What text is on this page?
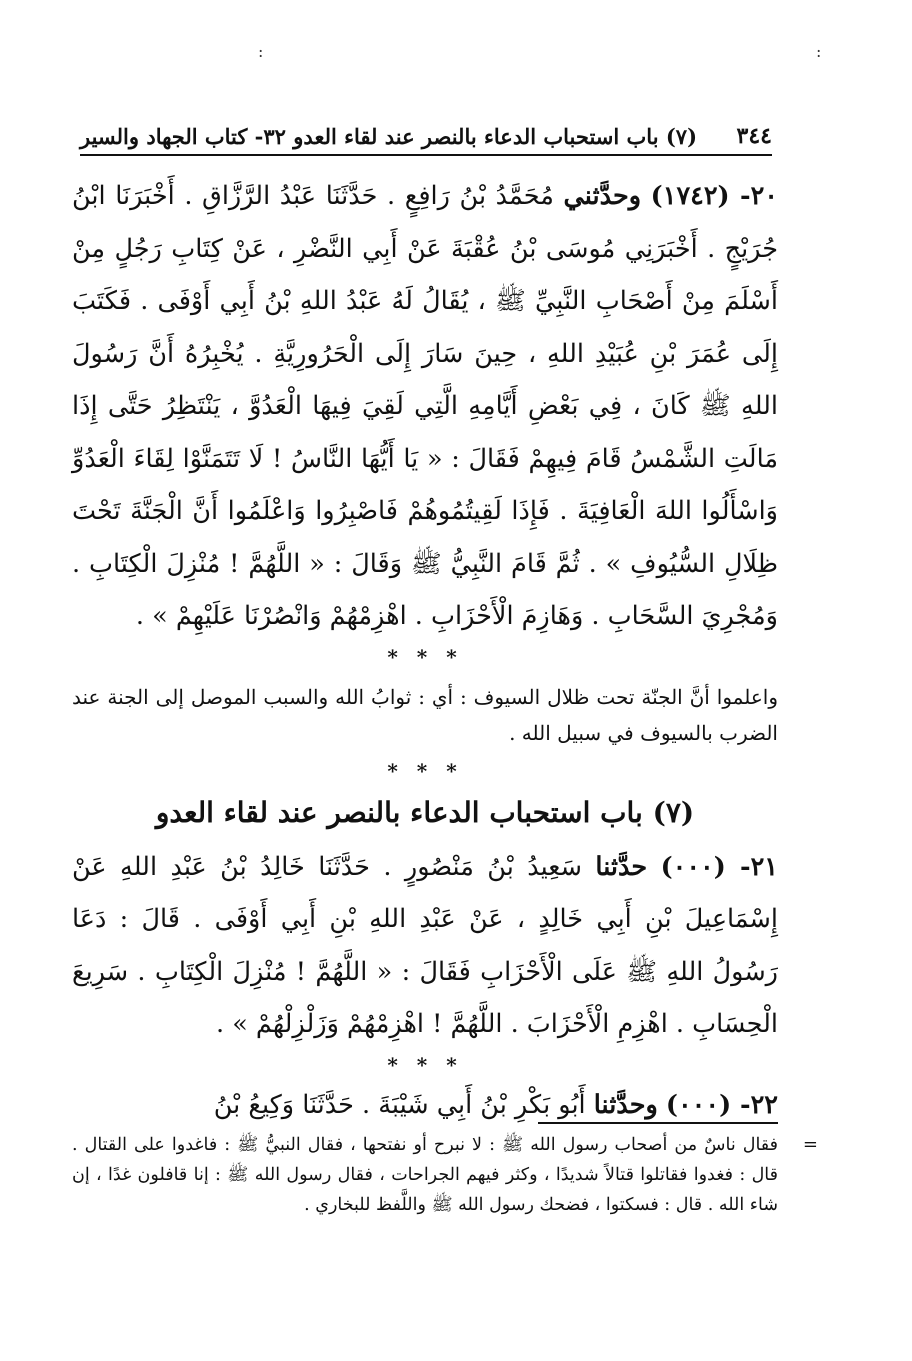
:	:
٣٤٤
(٧) باب استحباب الدعاء بالنصر عند لقاء العدو ٣٢- كتاب الجهاد والسير

٢٠- (١٧٤٢) وحدَّثني مُحَمَّدُ بْنُ رَافِعٍ . حَدَّثَنَا عَبْدُ الرَّزَّاقِ . أَخْبَرَنَا ابْنُ جُرَيْجٍ . أَخْبَرَنِي مُوسَى بْنُ عُقْبَةَ عَنْ أَبِي النَّضْرِ ، عَنْ كِتَابِ رَجُلٍ مِنْ أَسْلَمَ مِنْ أَصْحَابِ النَّبِيِّ ﷺ ، يُقَالُ لَهُ عَبْدُ اللهِ بْنُ أَبِي أَوْفَى . فَكَتَبَ إِلَى عُمَرَ بْنِ عُبَيْدِ اللهِ ، حِينَ سَارَ إِلَى الْحَرُورِيَّةِ . يُخْبِرُهُ أَنَّ رَسُولَ اللهِ ﷺ كَانَ ، فِي بَعْضِ أَيَّامِهِ الَّتِي لَقِيَ فِيهَا الْعَدُوَّ ، يَنْتَظِرُ حَتَّى إِذَا مَالَتِ الشَّمْسُ قَامَ فِيهِمْ فَقَالَ : « يَا أَيُّهَا النَّاسُ ! لَا تَتَمَنَّوْا لِقَاءَ الْعَدُوِّ وَاسْأَلُوا اللهَ الْعَافِيَةَ . فَإِذَا لَقِيتُمُوهُمْ فَاصْبِرُوا وَاعْلَمُوا أَنَّ الْجَنَّةَ تَحْتَ ظِلَالِ السُّيُوفِ » . ثُمَّ قَامَ النَّبِيُّ ﷺ وَقَالَ : « اللَّهُمَّ ! مُنْزِلَ الْكِتَابِ . وَمُجْرِيَ السَّحَابِ . وَهَازِمَ الْأَحْزَابِ . اهْزِمْهُمْ وَانْصُرْنَا عَلَيْهِمْ » .

* * *

واعلموا أنَّ الجنّة تحت ظلال السيوف : أي : ثوابُ الله والسبب الموصل إلى الجنة عند الضرب بالسيوف في سبيل الله .

* * *

(٧) باب استحباب الدعاء بالنصر عند لقاء العدو

٢١- (٠٠٠) حدَّثنا سَعِيدُ بْنُ مَنْصُورٍ . حَدَّثَنَا خَالِدُ بْنُ عَبْدِ اللهِ عَنْ إِسْمَاعِيلَ بْنِ أَبِي خَالِدٍ ، عَنْ عَبْدِ اللهِ بْنِ أَبِي أَوْفَى . قَالَ : دَعَا رَسُولُ اللهِ ﷺ عَلَى الْأَحْزَابِ فَقَالَ : « اللَّهُمَّ ! مُنْزِلَ الْكِتَابِ . سَرِيعَ الْحِسَابِ . اهْزِمِ الْأَحْزَابَ . اللَّهُمَّ ! اهْزِمْهُمْ وَزَلْزِلْهُمْ » .

* * *

٢٢- (٠٠٠) وحدَّثنا أَبُو بَكْرِ بْنُ أَبِي شَيْبَةَ . حَدَّثَنَا وَكِيعُ بْنُ

=
فقال ناسٌ من أصحاب رسول الله ﷺ : لا نبرح أو نفتحها ، فقال النبيُّ ﷺ : فاغدوا على القتال . قال : فغدوا فقاتلوا قتالاً شديدًا ، وكثر فيهم الجراحات ، فقال رسول الله ﷺ : إنا قافلون غدًا ، إن شاء الله . قال : فسكتوا ، فضحك رسول الله ﷺ واللَّفظ للبخاري .
